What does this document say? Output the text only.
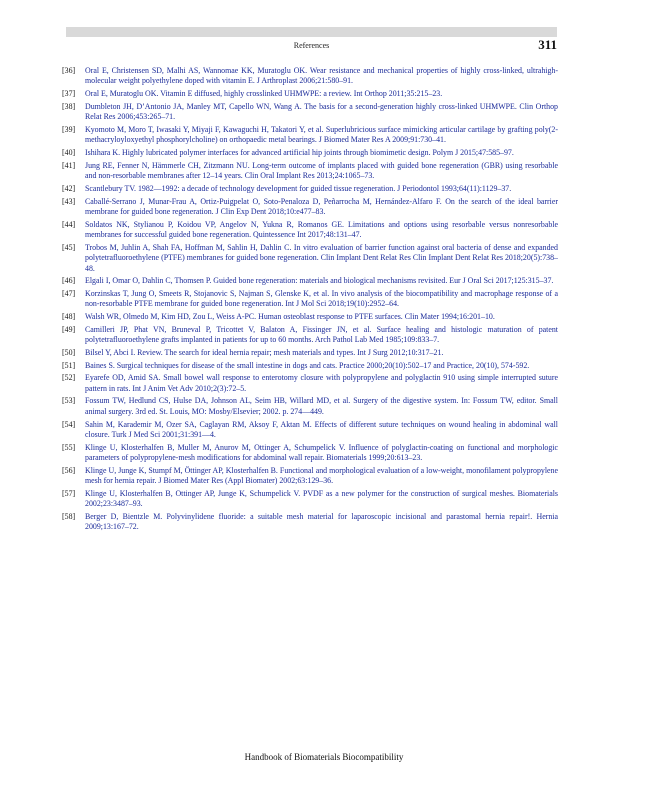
References	311
[36]	Oral E, Christensen SD, Malhi AS, Wannomae KK, Muratoglu OK. Wear resistance and mechanical properties of highly cross-linked, ultrahigh-molecular weight polyethylene doped with vitamin E. J Arthroplast 2006;21:580–91.
[37]	Oral E, Muratoglu OK. Vitamin E diffused, highly crosslinked UHMWPE: a review. Int Orthop 2011;35:215–23.
[38]	Dumbleton JH, D’Antonio JA, Manley MT, Capello WN, Wang A. The basis for a second-generation highly cross-linked UHMWPE. Clin Orthop Relat Res 2006;453:265–71.
[39]	Kyomoto M, Moro T, Iwasaki Y, Miyaji F, Kawaguchi H, Takatori Y, et al. Superlubricious surface mimicking articular cartilage by grafting poly(2-methacryloyloxyethyl phosphorylcholine) on orthopaedic metal bearings. J Biomed Mater Res A 2009;91:730–41.
[40]	Ishihara K. Highly lubricated polymer interfaces for advanced artificial hip joints through biomimetic design. Polym J 2015;47:585–97.
[41]	Jung RE, Fenner N, Hämmerle CH, Zitzmann NU. Long-term outcome of implants placed with guided bone regeneration (GBR) using resorbable and non-resorbable membranes after 12–14 years. Clin Oral Implant Res 2013;24:1065–73.
[42]	Scantlebury TV. 1982—1992: a decade of technology development for guided tissue regeneration. J Periodontol 1993;64(11):1129–37.
[43]	Caballé-Serrano J, Munar-Frau A, Ortiz-Puigpelat O, Soto-Penaloza D, Peñarrocha M, Hernández-Alfaro F. On the search of the ideal barrier membrane for guided bone regeneration. J Clin Exp Dent 2018;10:e477–83.
[44]	Soldatos NK, Stylianou P, Koidou VP, Angelov N, Yukna R, Romanos GE. Limitations and options using resorbable versus nonresorbable membranes for successful guided bone regeneration. Quintessence Int 2017;48:131–47.
[45]	Trobos M, Juhlin A, Shah FA, Hoffman M, Sahlin H, Dahlin C. In vitro evaluation of barrier function against oral bacteria of dense and expanded polytetrafluoroethylene (PTFE) membranes for guided bone regeneration. Clin Implant Dent Relat Res Clin Implant Dent Relat Res 2018;20(5):738–48.
[46]	Elgali I, Omar O, Dahlin C, Thomsen P. Guided bone regeneration: materials and biological mechanisms revisited. Eur J Oral Sci 2017;125:315–37.
[47]	Korzinskas T, Jung O, Smeets R, Stojanovic S, Najman S, Glenske K, et al. In vivo analysis of the biocompatibility and macrophage response of a non-resorbable PTFE membrane for guided bone regeneration. Int J Mol Sci 2018;19(10):2952–64.
[48]	Walsh WR, Olmedo M, Kim HD, Zou L, Weiss A-PC. Human osteoblast response to PTFE surfaces. Clin Mater 1994;16:201–10.
[49]	Camilleri JP, Phat VN, Bruneval P, Tricottet V, Balaton A, Fissinger JN, et al. Surface healing and histologic maturation of patent polytetrafluoroethylene grafts implanted in patients for up to 60 months. Arch Pathol Lab Med 1985;109:833–7.
[50]	Bilsel Y, Abci I. Review. The search for ideal hernia repair; mesh materials and types. Int J Surg 2012;10:317–21.
[51]	Baines S. Surgical techniques for disease of the small intestine in dogs and cats. Practice 2000;20(10):502–17 and Practice, 20(10), 574-592.
[52]	Eyarefe OD, Amid SA. Small bowel wall response to enterotomy closure with polypropylene and polyglactin 910 using simple interrupted suture pattern in rats. Int J Anim Vet Adv 2010;2(3):72–5.
[53]	Fossum TW, Hedlund CS, Hulse DA, Johnson AL, Seim HB, Willard MD, et al. Surgery of the digestive system. In: Fossum TW, editor. Small animal surgery. 3rd ed. St. Louis, MO: Mosby/Elsevier; 2002. p. 274—449.
[54]	Sahin M, Karademir M, Ozer SA, Caglayan RM, Aksoy F, Aktan M. Effects of different suture techniques on wound healing in abdominal wall closure. Turk J Med Sci 2001;31:391—4.
[55]	Klinge U, Klosterhalfen B, Muller M, Anurov M, Ottinger A, Schumpelick V. Influence of polyglactin-coating on functional and morphologic parameters of polypropylene-mesh modifications for abdominal wall repair. Biomaterials 1999;20:613–23.
[56]	Klinge U, Junge K, Stumpf M, Öttinger AP, Klosterhalfen B. Functional and morphological evaluation of a low-weight, monofilament polypropylene mesh for hernia repair. J Biomed Mater Res (Appl Biomater) 2002;63:129–36.
[57]	Klinge U, Klosterhalfen B, Ottinger AP, Junge K, Schumpelick V. PVDF as a new polymer for the construction of surgical meshes. Biomaterials 2002;23:3487–93.
[58]	Berger D, Bientzle M. Polyvinylidene fluoride: a suitable mesh material for laparoscopic incisional and parastomal hernia repair!. Hernia 2009;13:167–72.
Handbook of Biomaterials Biocompatibility
